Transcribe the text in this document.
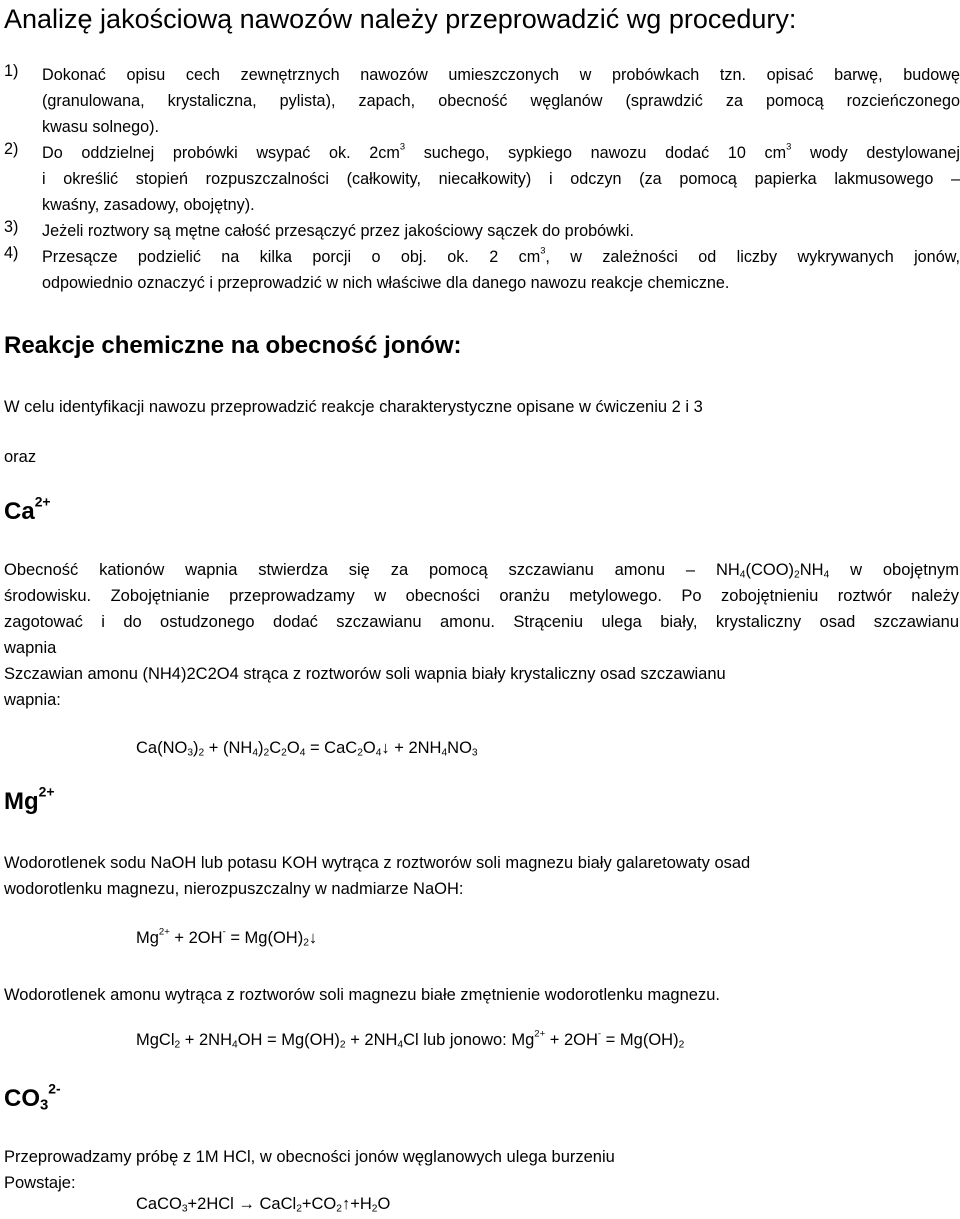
Analizę jakościową nawozów należy przeprowadzić wg procedury:
1) Dokonać opisu cech zewnętrznych nawozów umieszczonych w probówkach tzn. opisać barwę, budowę
(granulowana, krystaliczna, pylista), zapach, obecność węglanów (sprawdzić za pomocą rozcieńczonego
kwasu solnego).
2) Do oddzielnej probówki wsypać ok. $2cm^3$ suchego, sypkiego nawozu dodać 10 $cm^3$ wody destylowanej
i określić stopień rozpuszczalności (całkowity, niecałkowity) i odczyn (za pomocą papierka lakmusowego –
kwaśny, zasadowy, obojętny).
3) Jeżeli roztwory są mętne całość przesączyć przez jakościowy sączek do probówki.
4) Przesącze podzielić na kilka porcji o obj. ok. 2 $cm^3$, w zależności od liczby wykrywanych jonów,
odpowiednio oznaczyć i przeprowadzić w nich właściwe dla danego nawozu reakcje chemiczne.
Reakcje chemiczne na obecność jonów:
W celu identyfikacji nawozu przeprowadzić reakcje charakterystyczne opisane w ćwiczeniu 2 i 3
oraz
$Ca^{2+}$
Obecność kationów wapnia stwierdza się za pomocą szczawianu amonu – $NH_4(COO)_2NH_4$ w obojętnym
środowisku. Zobojętnianie przeprowadzamy w obecności oranżu metylowego. Po zobojętnieniu roztwór należy
zagotować i do ostudzonego dodać szczawianu amonu. Strąceniu ulega biały, krystaliczny osad szczawianu
wapnia
Szczawian amonu (NH4)2C2O4 strąca z roztworów soli wapnia biały krystaliczny osad szczawianu
wapnia:
$Ca(NO_3)_2 + (NH_4)_2C_2O_4$ = $CaC_2O_4↓ + 2NH_4NO_3$
$Mg^{2+}$
Wodorotlenek sodu NaOH lub potasu KOH wytrąca z roztworów soli magnezu biały galaretowaty osad
wodorotlenku magnezu, nierozpuszczalny w nadmiarze NaOH:
$Mg^{2+} + 2OH^-$ = $Mg(OH)_2↓$
Wodorotlenek amonu wytrąca z roztworów soli magnezu białe zmętnienie wodorotlenku magnezu.
MgCl$_2$ + $2NH_4OH = Mg(OH)_2 + 2NH_4Cl$ lub jonowo: $Mg^{2+} + 2OH^- = Mg(OH)_2$
$CO_3^{2-}$
Przeprowadzamy próbę z 1M HCl, w obecności jonów węglanowych ulega burzeniu
Powstaje:
CaCO$_3$+2HCl → $CaCl_2+CO_2↑+H_2O$
